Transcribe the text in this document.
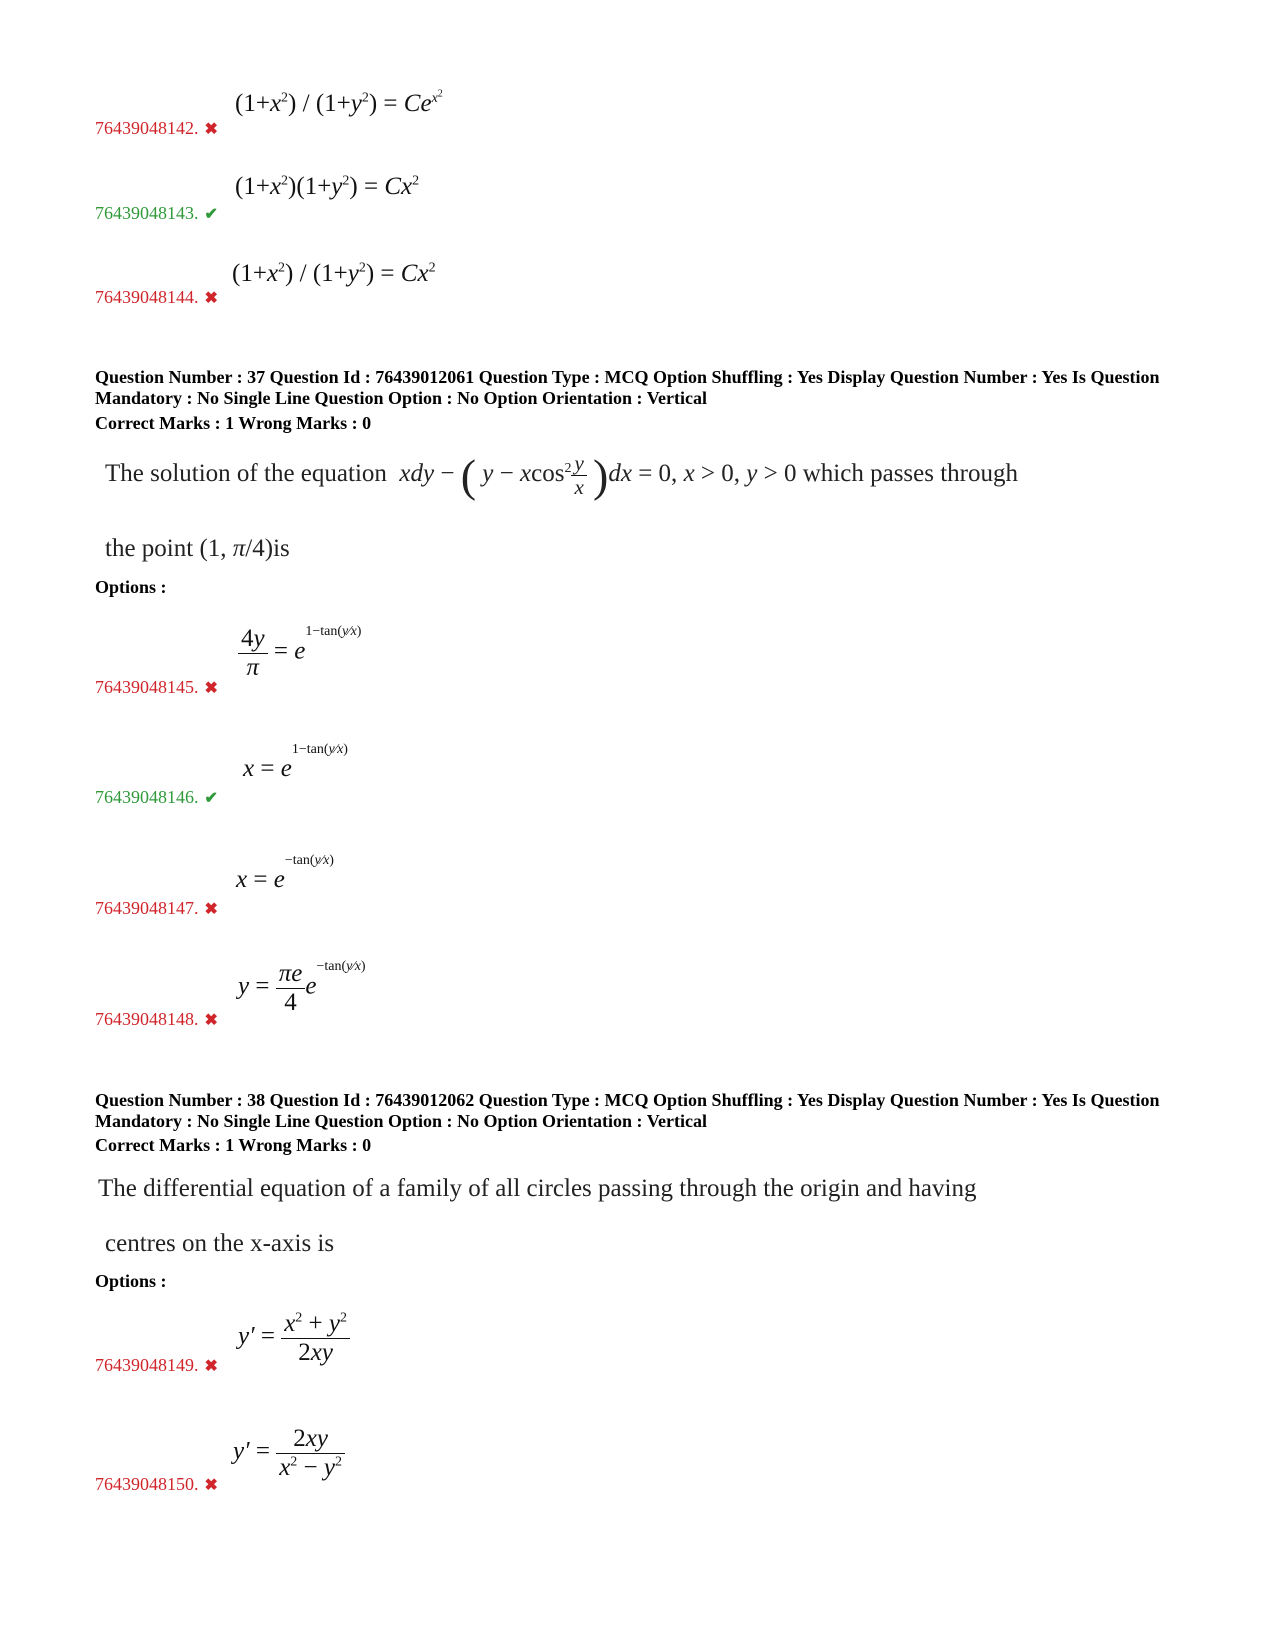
$(1+x^2) / (1+y^2) = Ce^{x^2}$
76439048142. ✖
$(1+x^2)(1+y^2) = Cx^2$
76439048143. ✔
$(1+x^2) / (1+y^2) = Cx^2$
76439048144. ✖
Question Number : 37 Question Id : 76439012061 Question Type : MCQ Option Shuffling : Yes Display Question Number : Yes Is Question Mandatory : No Single Line Question Option : No Option Orientation : Vertical
Correct Marks : 1 Wrong Marks : 0
The solution of the equation  xdy − ( $y - xcos^2 \frac{y}{x} )dx = 0$, x > 0, y > 0 which passes through
the point (1, π/4)is
Options :
$\frac{4y}{\pi}$ = e1−tan(y⁄x)
76439048145. ✖
x = e1−tan(y⁄x)
76439048146. ✔
x = e−tan(y⁄x)
76439048147. ✖
$y = \frac{\pi e}{4}$ e−tan(y⁄x)
76439048148. ✖
Question Number : 38 Question Id : 76439012062 Question Type : MCQ Option Shuffling : Yes Display Question Number : Yes Is Question Mandatory : No Single Line Question Option : No Option Orientation : Vertical
Correct Marks : 1 Wrong Marks : 0
The differential equation of a family of all circles passing through the origin and having
centres on the x-axis is
Options :
$y' = \frac{x^2 + y^2}{2xy}$
76439048149. ✖
$y' = \frac{2xy}{x^2 - y^2}$
76439048150. ✖
